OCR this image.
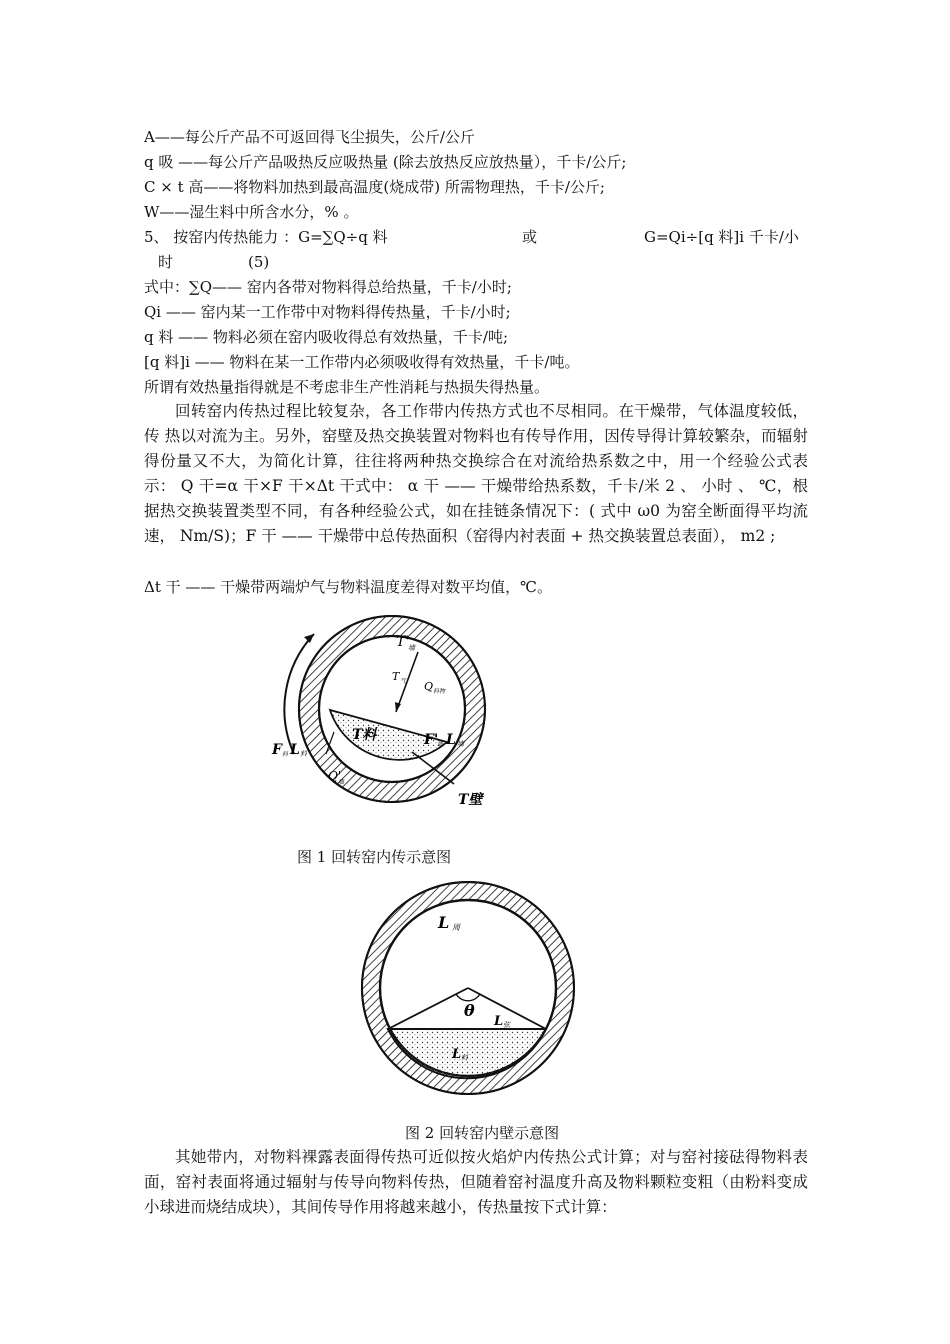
A——每公斤产品不可返回得飞尘损失，公斤/公斤
q 吸 ——每公斤产品吸热反应吸热量 (除去放热反应放热量），千卡/公斤;
C × t 高——将物料加热到最高温度(烧成带) 所需物理热，千卡/公斤;
W——湿生料中所含水分，% 。
5、 按窑内传热能力 ：G=∑Q÷q 料	或	G=Qi÷[q 料]i 千卡/小
时	(5)
式中：∑Q—— 窑内各带对物料得总给热量，千卡/小时;
Qi —— 窑内某一工作带中对物料得传热量，千卡/小时;
q 料 —— 物料必须在窑内吸收得总有效热量，千卡/吨;
[q 料]i —— 物料在某一工作带内必须吸收得有效热量，千卡/吨。
所谓有效热量指得就是不考虑非生产性消耗与热损失得热量。
回转窑内传热过程比较复杂，各工作带内传热方式也不尽相同。在干燥带，气体温度较低， 传 热以对流为主。另外，窑壁及热交换装置对物料也有传导作用，因传导得计算较繁杂，而辐射得份量又不大，为简化计算，往往将两种热交换综合在对流给热系数之中，用一个经验公式表示： Q 干=α 干×F 干×Δt 干式中： α 干 —— 干燥带给热系数，千卡/米 2 、 小时 、 ℃，根据热交换装置类型不同，有各种经验公式，如在挂链条情况下：( 式中 ω0 为窑全断面得平均流速， Nm/S)；F 干 —— 干燥带中总传热面积（窑得内衬表面 + 热交换装置总表面）， m2 ;
Δt 干 —— 干燥带两端炉气与物料温度差得对数平均值，℃。
T'
T
Q
F L
T料	F' L
Q'
T壁
墙
气
料物
料 料
墙 墙
墙
图 1 回转窑内传示意图
L 周
θ
L 弦
L 料
图 2 回转窑内壁示意图
其她带内，对物料裸露表面得传热可近似按火焰炉内传热公式计算；对与窑衬接砝得物料表面，窑衬表面将通过辐射与传导向物料传热，但随着窑衬温度升高及物料颗粒变粗（由粉料变成小球进而烧结成块），其间传导作用将越来越小，传热量按下式计算：
